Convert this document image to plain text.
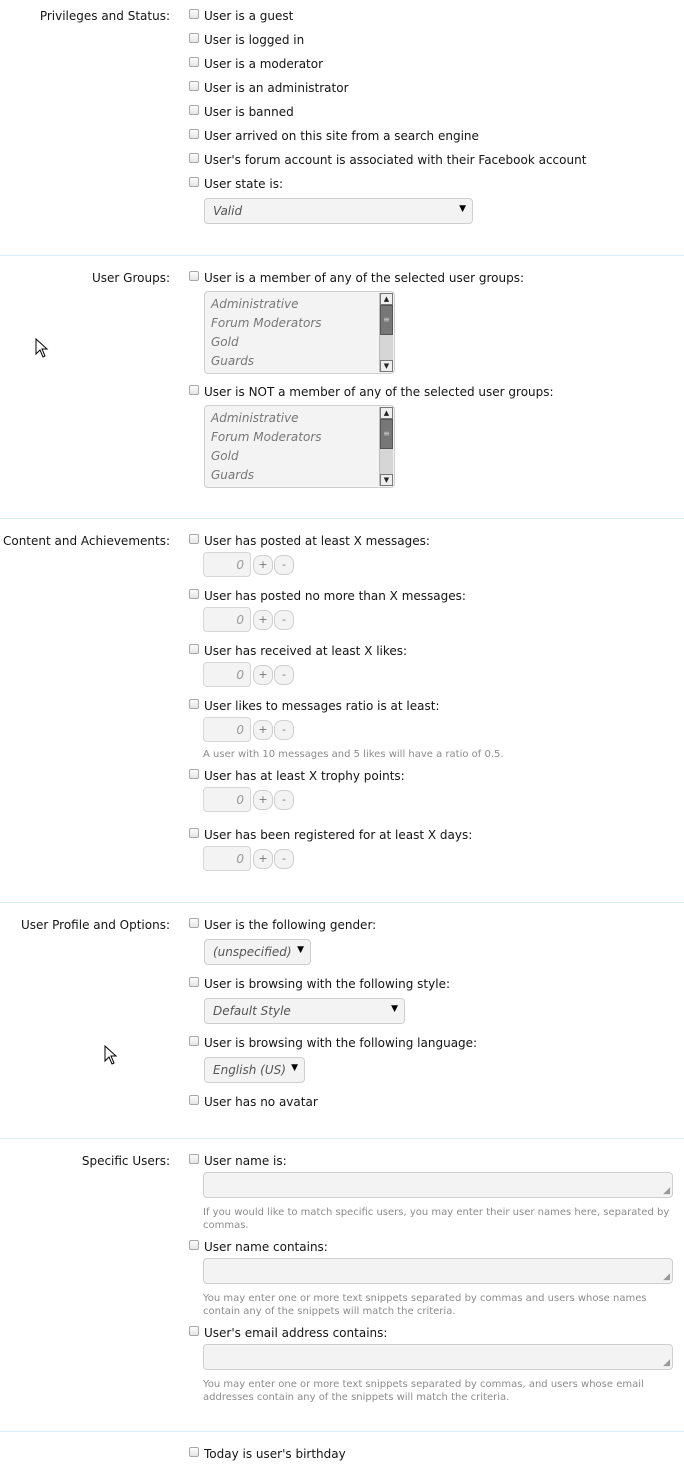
Privileges and Status:	User is a guest
User is logged in
User is a moderator
User is an administrator
User is banned
User arrived on this site from a search engine
User's forum account is associated with their Facebook account
User state is:
Valid	▼
User Groups:	User is a member of any of the selected user groups:
Administrative
Forum Moderators
Gold
Guards
▲
≡
▼
User is NOT a member of any of the selected user groups:
Administrative
Forum Moderators
Gold
Guards
▲
≡
▼
Content and Achievements:	User has posted at least X messages:
0	+	-
User has posted no more than X messages:
0	+	-
User has received at least X likes:
0	+	-
User likes to messages ratio is at least:
0	+	-
A user with 10 messages and 5 likes will have a ratio of 0.5.
User has at least X trophy points:
0	+	-
User has been registered for at least X days:
0	+	-
User Profile and Options:	User is the following gender:
(unspecified) ▼
User is browsing with the following style:
Default Style	▼
User is browsing with the following language:
English (US) ▼
User has no avatar
Specific Users:	User name is:
◢
If you would like to match specific users, you may enter their user names here, separated by commas.
User name contains:
◢
You may enter one or more text snippets separated by commas and users whose names contain any of the snippets will match the criteria.
User's email address contains:
◢
You may enter one or more text snippets separated by commas, and users whose email addresses contain any of the snippets will match the criteria.
Today is user's birthday
